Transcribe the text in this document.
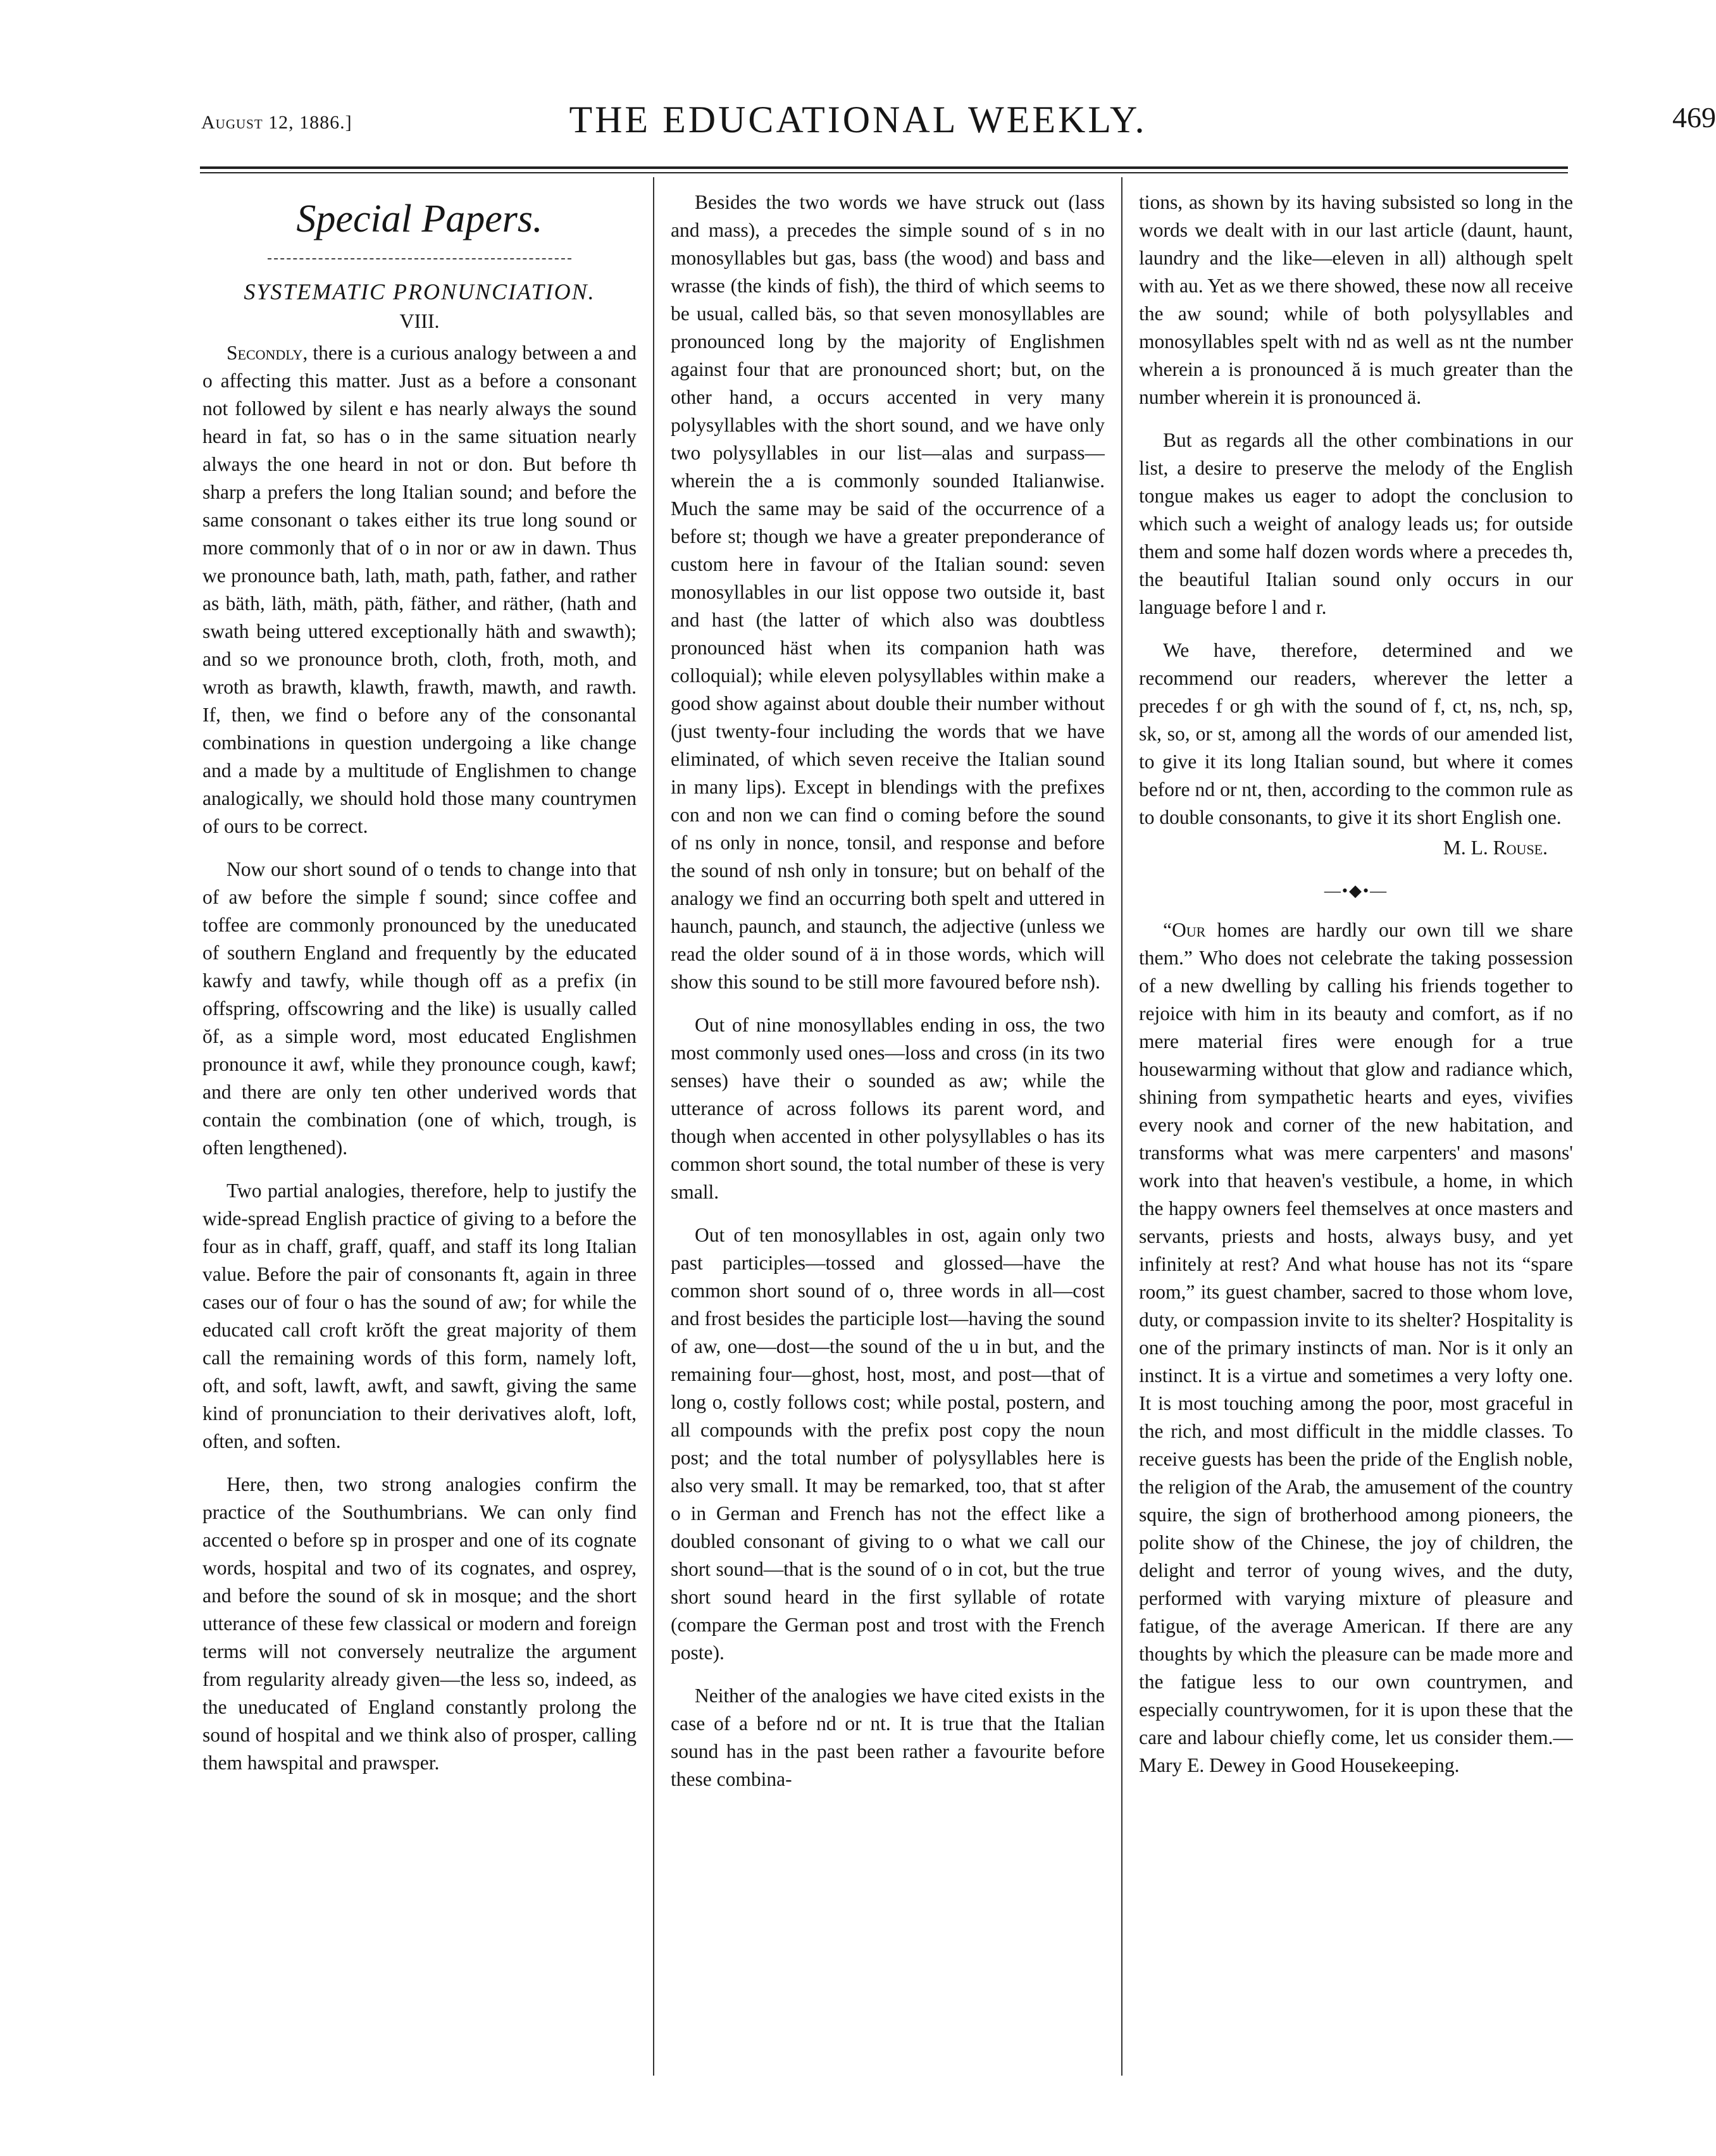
August 12, 1886.]	THE EDUCATIONAL WEEKLY.	469
Special Papers.
SYSTEMATIC PRONUNCIATION.
VIII.

Secondly, there is a curious analogy between a and o affecting this matter. Just as a before a consonant not followed by silent e has nearly always the sound heard in fat, so has o in the same situation nearly always the one heard in not or don. But before th sharp a prefers the long Italian sound; and before the same consonant o takes either its true long sound or more commonly that of o in nor or aw in dawn. Thus we pronounce bath, lath, math, path, father, and rather as bäth, läth, mäth, päth, fäther, and räther, (hath and swath being uttered exceptionally häth and swawth); and so we pronounce broth, cloth, froth, moth, and wroth as brawth, klawth, frawth, mawth, and rawth. If, then, we find o before any of the consonantal combinations in question undergoing a like change and a made by a multitude of Englishmen to change analogically, we should hold those many countrymen of ours to be correct.

Now our short sound of o tends to change into that of aw before the simple f sound; since coffee and toffee are commonly pronounced by the uneducated of southern England and frequently by the educated kawfy and tawfy, while though off as a prefix (in offspring, offscowring and the like) is usually called ŏf, as a simple word, most educated Englishmen pronounce it awf, while they pronounce cough, kawf; and there are only ten other underived words that contain the combination (one of which, trough, is often lengthened).

Two partial analogies, therefore, help to justify the wide-spread English practice of giving to a before the four as in chaff, graff, quaff, and staff its long Italian value. Before the pair of consonants ft, again in three cases our of four o has the sound of aw; for while the educated call croft krŏft the great majority of them call the remaining words of this form, namely loft, oft, and soft, lawft, awft, and sawft, giving the same kind of pronunciation to their derivatives aloft, loft, often, and soften.

Here, then, two strong analogies confirm the practice of the Southumbrians. We can only find accented o before sp in prosper and one of its cognate words, hospital and two of its cognates, and osprey, and before the sound of sk in mosque; and the short utterance of these few classical or modern and foreign terms will not conversely neutralize the argument from regularity already given—the less so, indeed, as the uneducated of England constantly prolong the sound of hospital and we think also of prosper, calling them hawspital and prawsper.

Besides the two words we have struck out (lass and mass), a precedes the simple sound of s in no monosyllables but gas, bass (the wood) and bass and wrasse (the kinds of fish), the third of which seems to be usual, called bäs, so that seven monosyllables are pronounced long by the majority of Englishmen against four that are pronounced short; but, on the other hand, a occurs accented in very many polysyllables with the short sound, and we have only two polysyllables in our list—alas and surpass—wherein the a is commonly sounded Italianwise. Much the same may be said of the occurrence of a before st; though we have a greater preponderance of custom here in favour of the Italian sound: seven monosyllables in our list oppose two outside it, bast and hast (the latter of which also was doubtless pronounced häst when its companion hath was colloquial); while eleven polysyllables within make a good show against about double their number without (just twenty-four including the words that we have eliminated, of which seven receive the Italian sound in many lips). Except in blendings with the prefixes con and non we can find o coming before the sound of ns only in nonce, tonsil, and response and before the sound of nsh only in tonsure; but on behalf of the analogy we find an occurring both spelt and uttered in haunch, paunch, and staunch, the adjective (unless we read the older sound of ä in those words, which will show this sound to be still more favoured before nsh).

Out of nine monosyllables ending in oss, the two most commonly used ones—loss and cross (in its two senses) have their o sounded as aw; while the utterance of across follows its parent word, and though when accented in other polysyllables o has its common short sound, the total number of these is very small.

Out of ten monosyllables in ost, again only two past participles—tossed and glossed—have the common short sound of o, three words in all—cost and frost besides the participle lost—having the sound of aw, one—dost—the sound of the u in but, and the remaining four—ghost, host, most, and post—that of long o, costly follows cost; while postal, postern, and all compounds with the prefix post copy the noun post; and the total number of polysyllables here is also very small. It may be remarked, too, that st after o in German and French has not the effect like a doubled consonant of giving to o what we call our short sound—that is the sound of o in cot, but the true short sound heard in the first syllable of rotate (compare the German post and trost with the French poste).

Neither of the analogies we have cited exists in the case of a before nd or nt. It is true that the Italian sound has in the past been rather a favourite before these combina-

tions, as shown by its having subsisted so long in the words we dealt with in our last article (daunt, haunt, laundry and the like—eleven in all) although spelt with au. Yet as we there showed, these now all receive the aw sound; while of both polysyllables and monosyllables spelt with nd as well as nt the number wherein a is pronounced ă is much greater than the number wherein it is pronounced ä.

But as regards all the other combinations in our list, a desire to preserve the melody of the English tongue makes us eager to adopt the conclusion to which such a weight of analogy leads us; for outside them and some half dozen words where a precedes th, the beautiful Italian sound only occurs in our language before l and r.

We have, therefore, determined and we recommend our readers, wherever the letter a precedes f or gh with the sound of f, ct, ns, nch, sp, sk, so, or st, among all the words of our amended list, to give it its long Italian sound, but where it comes before nd or nt, then, according to the common rule as to double consonants, to give it its short English one.

M. L. Rouse.
—•◆•—

“Our homes are hardly our own till we share them.” Who does not celebrate the taking possession of a new dwelling by calling his friends together to rejoice with him in its beauty and comfort, as if no mere material fires were enough for a true housewarming without that glow and radiance which, shining from sympathetic hearts and eyes, vivifies every nook and corner of the new habitation, and transforms what was mere carpenters' and masons' work into that heaven's vestibule, a home, in which the happy owners feel themselves at once masters and servants, priests and hosts, always busy, and yet infinitely at rest? And what house has not its “spare room,” its guest chamber, sacred to those whom love, duty, or compassion invite to its shelter? Hospitality is one of the primary instincts of man. Nor is it only an instinct. It is a virtue and sometimes a very lofty one. It is most touching among the poor, most graceful in the rich, and most difficult in the middle classes. To receive guests has been the pride of the English noble, the religion of the Arab, the amusement of the country squire, the sign of brotherhood among pioneers, the polite show of the Chinese, the joy of children, the delight and terror of young wives, and the duty, performed with varying mixture of pleasure and fatigue, of the average American. If there are any thoughts by which the pleasure can be made more and the fatigue less to our own countrymen, and especially countrywomen, for it is upon these that the care and labour chiefly come, let us consider them.—Mary E. Dewey in Good Housekeeping.
